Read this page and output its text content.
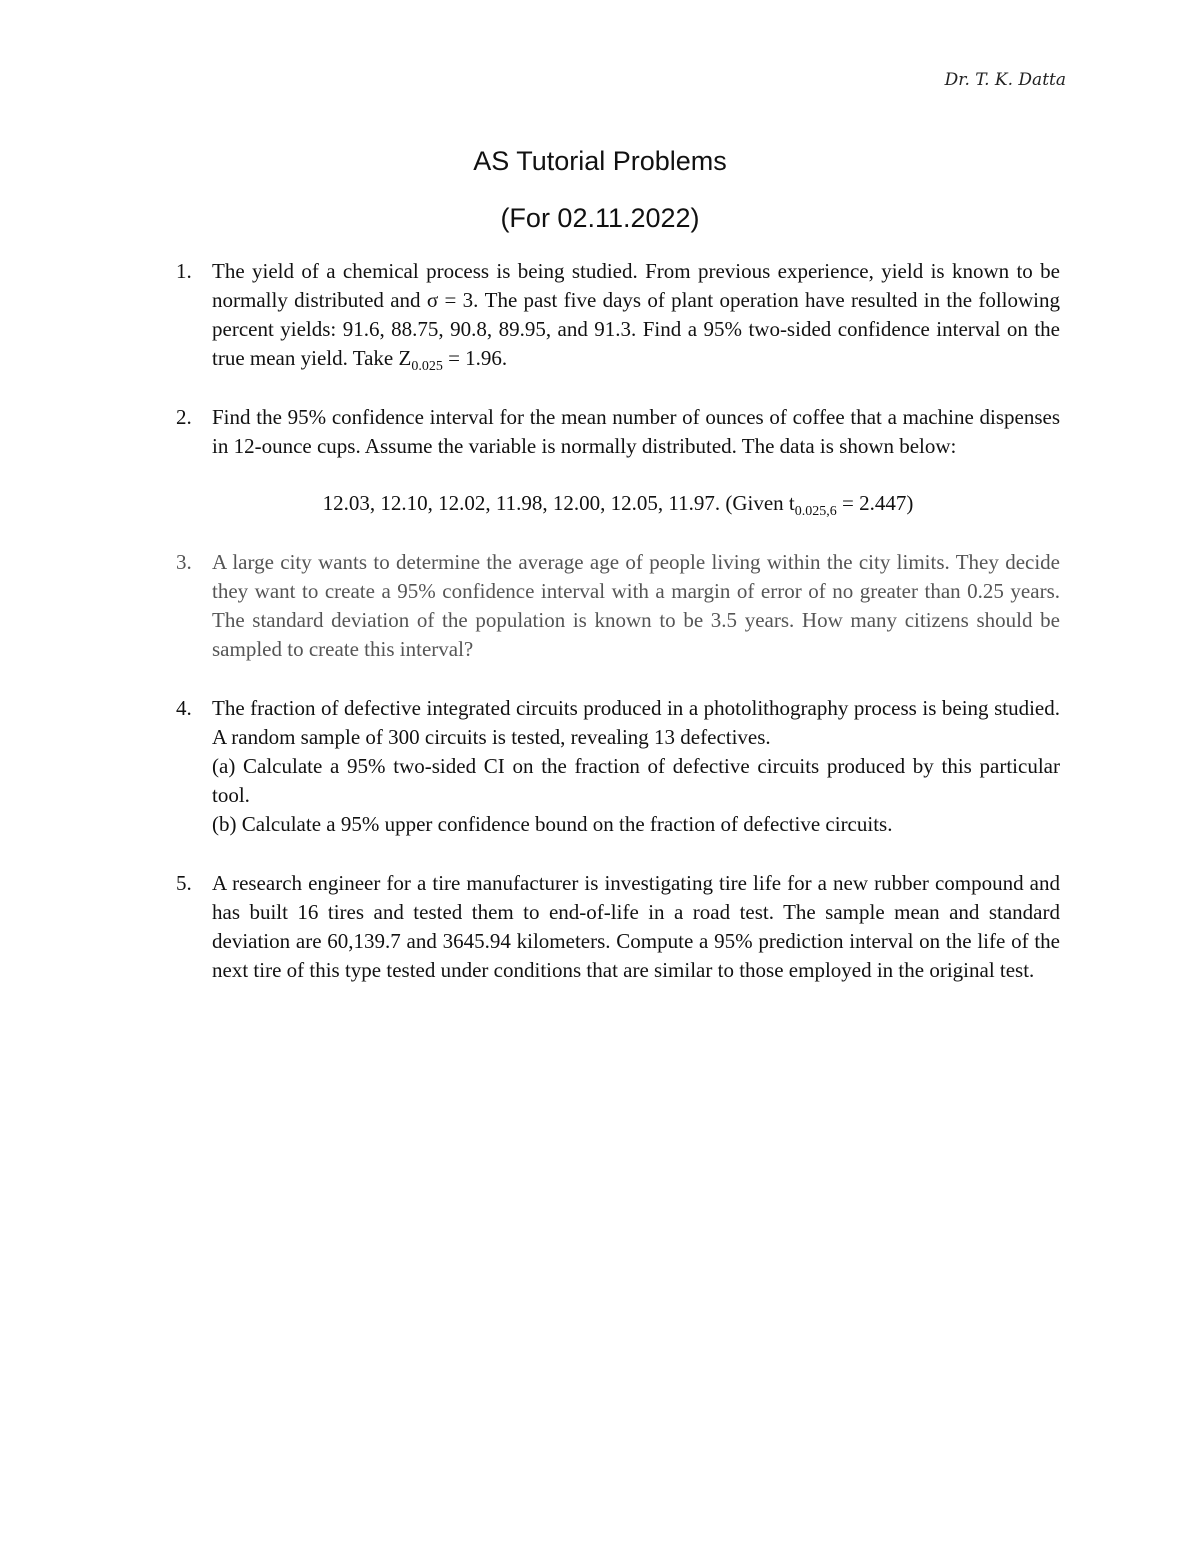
Dr. T. K. Datta
AS Tutorial Problems
(For 02.11.2022)
1. The yield of a chemical process is being studied. From previous experience, yield is known to be normally distributed and σ = 3. The past five days of plant operation have resulted in the following percent yields: 91.6, 88.75, 90.8, 89.95, and 91.3. Find a 95% two-sided confidence interval on the true mean yield. Take $Z_{0.025} = 1.96$.
2. Find the 95% confidence interval for the mean number of ounces of coffee that a machine dispenses in 12-ounce cups. Assume the variable is normally distributed. The data is shown below:
12.03, 12.10, 12.02, 11.98, 12.00, 12.05, 11.97. (Given $t_{0.025,6} = 2.447$)
3. A large city wants to determine the average age of people living within the city limits. They decide they want to create a 95% confidence interval with a margin of error of no greater than 0.25 years. The standard deviation of the population is known to be 3.5 years. How many citizens should be sampled to create this interval?
4. The fraction of defective integrated circuits produced in a photolithography process is being studied. A random sample of 300 circuits is tested, revealing 13 defectives.
(a) Calculate a 95% two-sided CI on the fraction of defective circuits produced by this particular tool.
(b) Calculate a 95% upper confidence bound on the fraction of defective circuits.
5. A research engineer for a tire manufacturer is investigating tire life for a new rubber compound and has built 16 tires and tested them to end-of-life in a road test. The sample mean and standard deviation are 60,139.7 and 3645.94 kilometers. Compute a 95% prediction interval on the life of the next tire of this type tested under conditions that are similar to those employed in the original test.
